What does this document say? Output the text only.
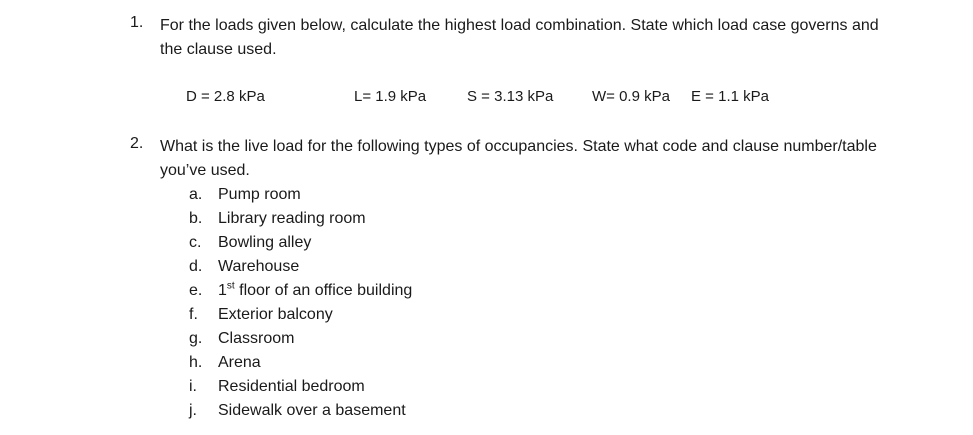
1. For the loads given below, calculate the highest load combination. State which load case governs and the clause used.
D = 2.8 kPa	L= 1.9 kPa	S = 3.13 kPa	W= 0.9 kPa E = 1.1 kPa
2. What is the live load for the following types of occupancies. State what code and clause number/table you’ve used.
a. Pump room
b. Library reading room
c. Bowling alley
d. Warehouse
e. 1st floor of an office building
f. Exterior balcony
g. Classroom
h. Arena
i. Residential bedroom
j. Sidewalk over a basement
